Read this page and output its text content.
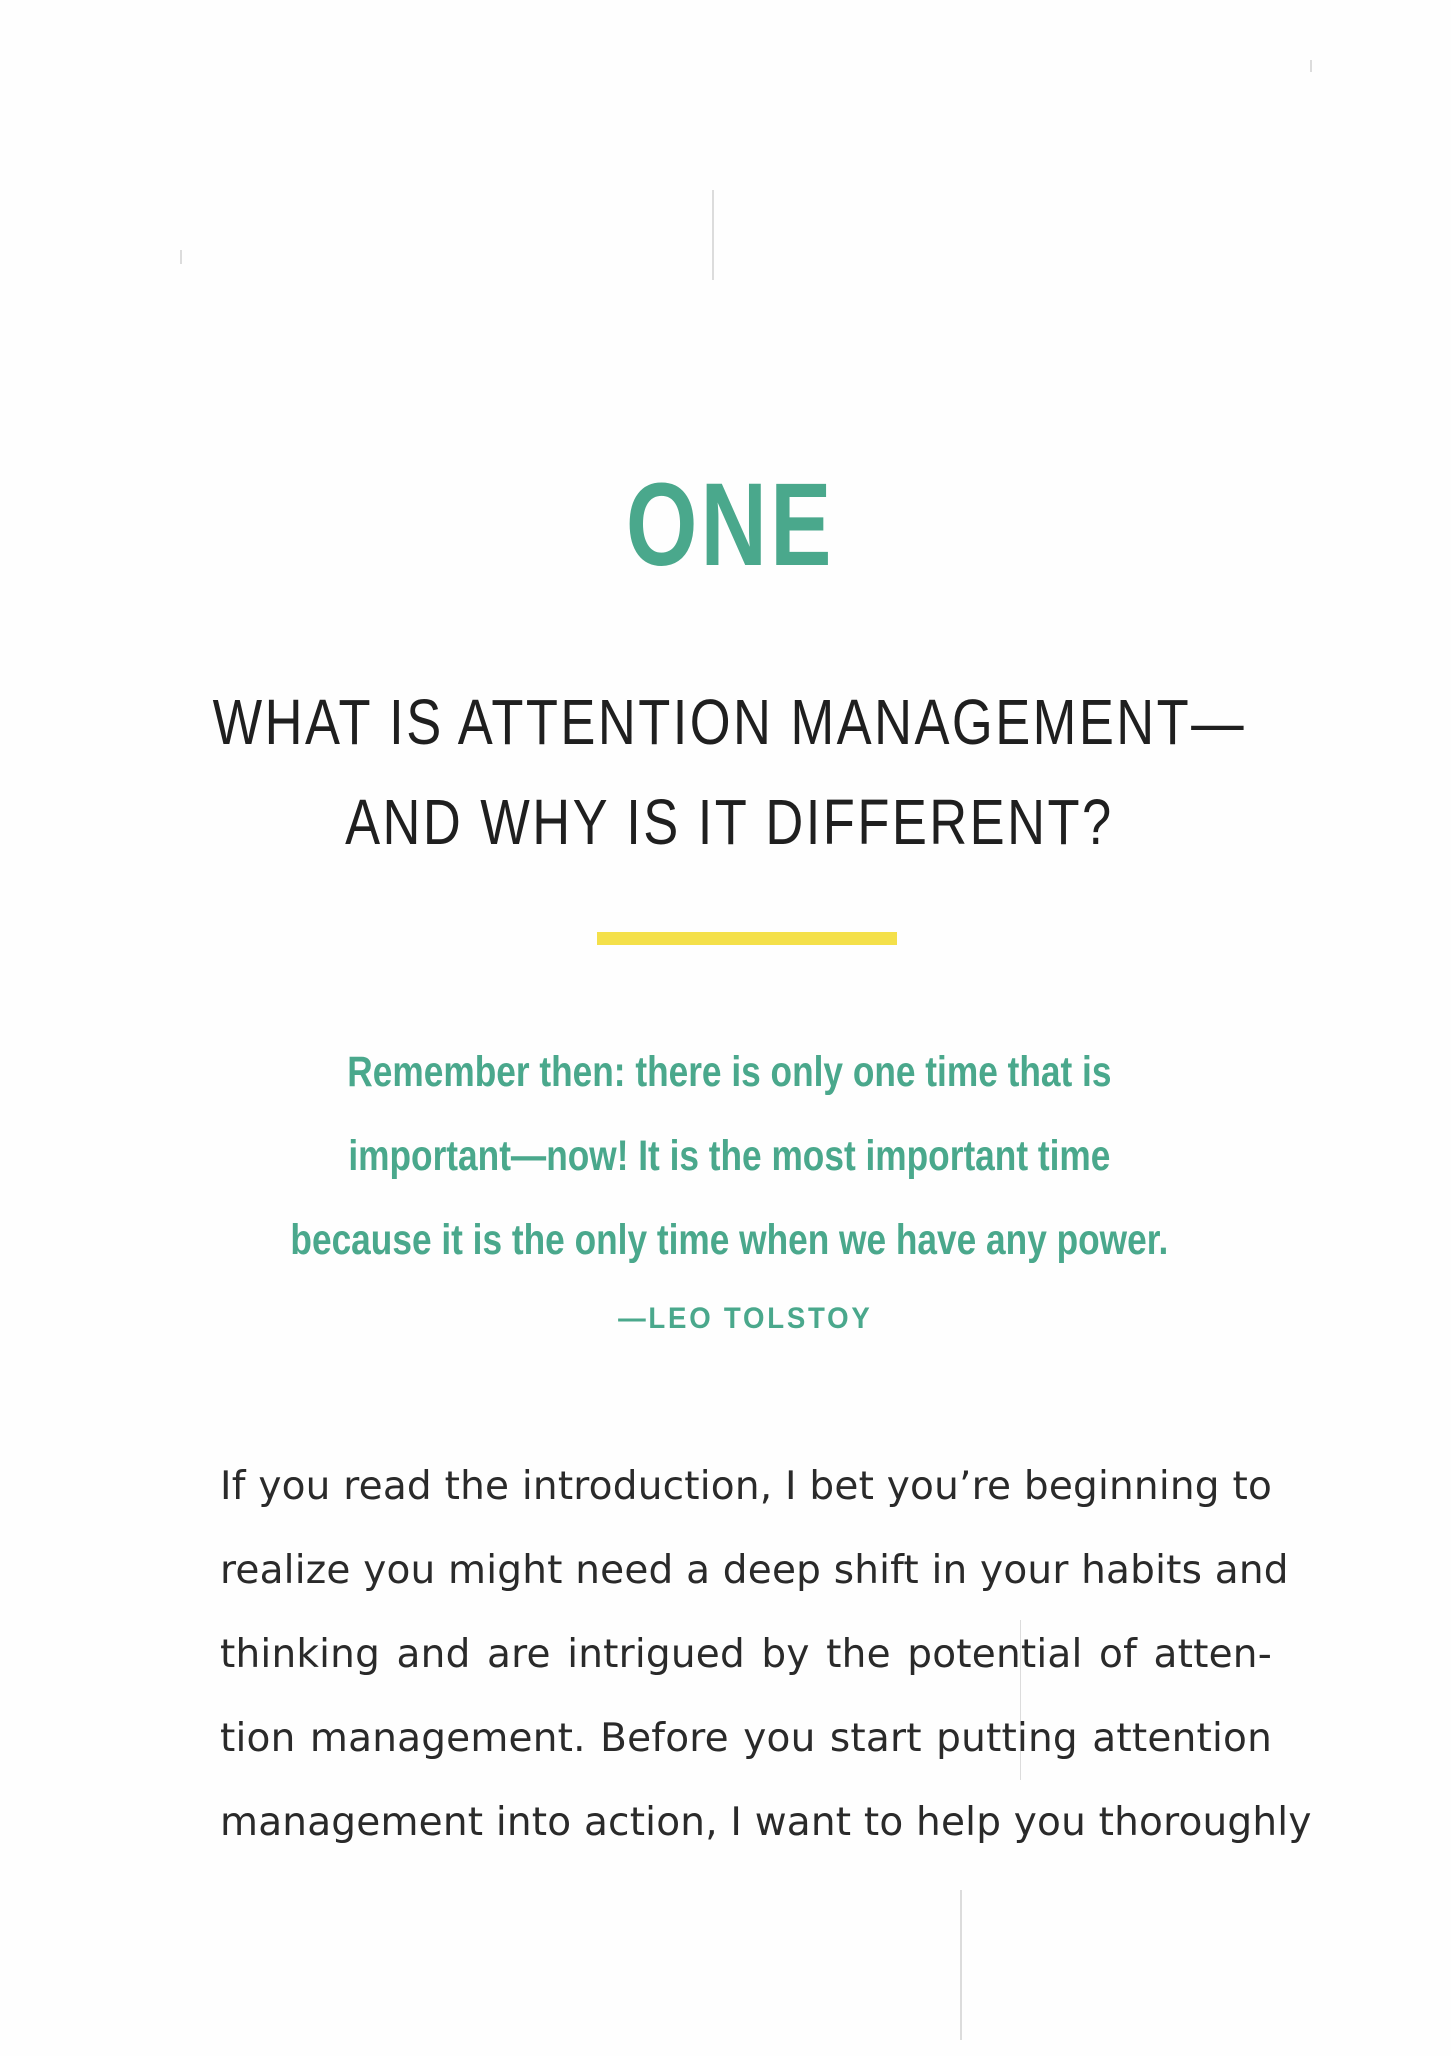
ONE
WHAT IS ATTENTION MANAGEMENT—
AND WHY IS IT DIFFERENT?
Remember then: there is only one time that is
important—now! It is the most important time
because it is the only time when we have any power.
—LEO TOLSTOY
If you read the introduction, I bet you’re beginning to
realize you might need a deep shift in your habits and
thinking and are intrigued by the potential of atten-
tion management. Before you start putting attention
management into action, I want to help you thoroughly
